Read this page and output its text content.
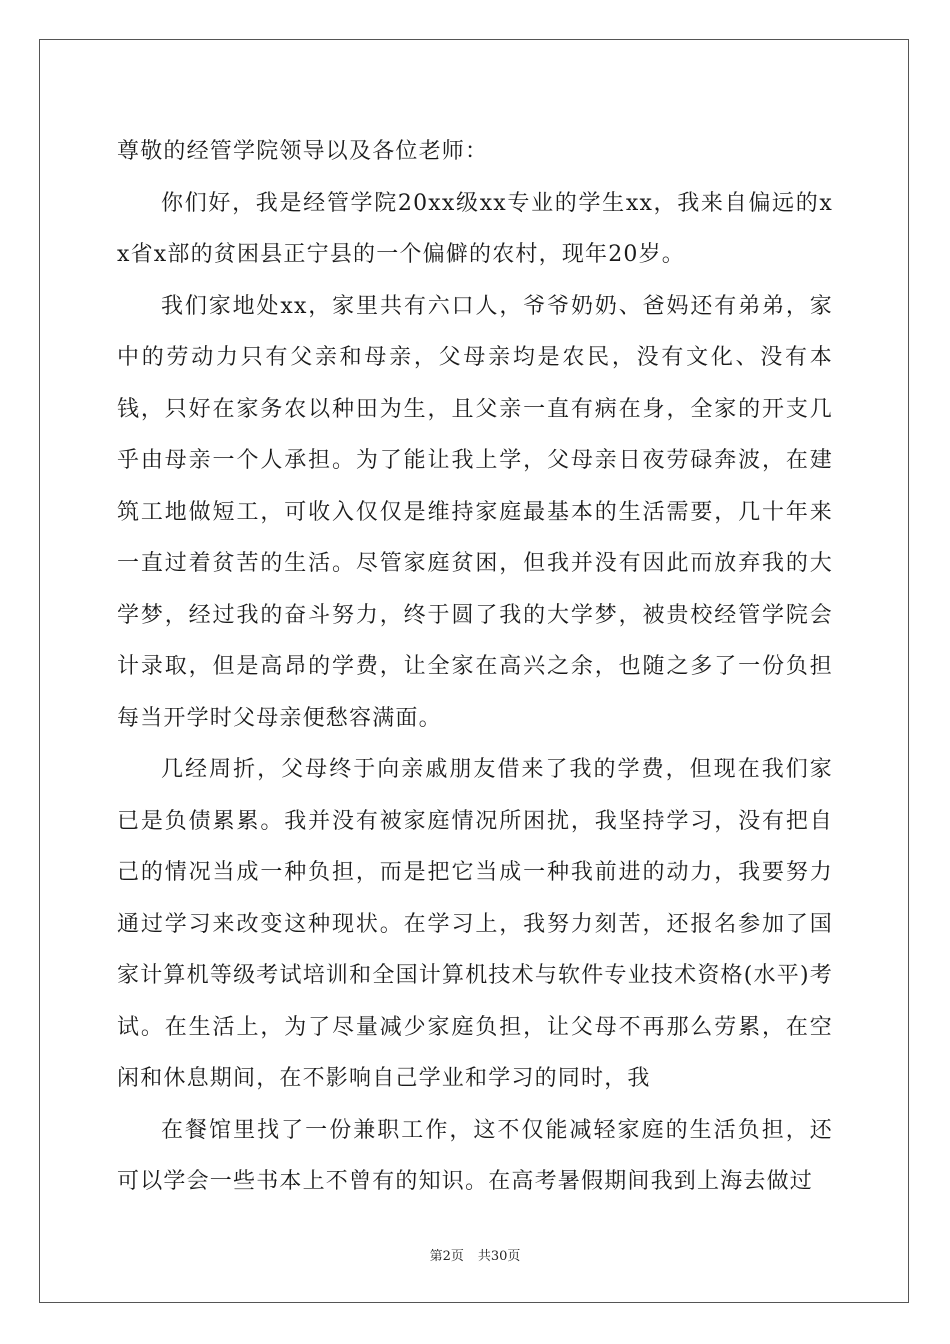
尊敬的经管学院领导以及各位老师：

你们好，我是经管学院20xx级xx专业的学生xx，我来自偏远的xx省x部的贫困县正宁县的一个偏僻的农村，现年20岁。

我们家地处xx，家里共有六口人，爷爷奶奶、爸妈还有弟弟，家中的劳动力只有父亲和母亲，父母亲均是农民，没有文化、没有本钱，只好在家务农以种田为生，且父亲一直有病在身，全家的开支几乎由母亲一个人承担。为了能让我上学，父母亲日夜劳碌奔波，在建筑工地做短工，可收入仅仅是维持家庭最基本的生活需要，几十年来一直过着贫苦的生活。尽管家庭贫困，但我并没有因此而放弃我的大学梦，经过我的奋斗努力，终于圆了我的大学梦，被贵校经管学院会计录取，但是高昂的学费，让全家在高兴之余，也随之多了一份负担每当开学时父母亲便愁容满面。

几经周折，父母终于向亲戚朋友借来了我的学费，但现在我们家已是负债累累。我并没有被家庭情况所困扰，我坚持学习，没有把自己的情况当成一种负担，而是把它当成一种我前进的动力，我要努力通过学习来改变这种现状。在学习上，我努力刻苦，还报名参加了国家计算机等级考试培训和全国计算机技术与软件专业技术资格(水平)考试。在生活上，为了尽量减少家庭负担，让父母不再那么劳累，在空闲和休息期间，在不影响自己学业和学习的同时，我

在餐馆里找了一份兼职工作，这不仅能减轻家庭的生活负担，还可以学会一些书本上不曾有的知识。在高考暑假期间我到上海去做过

第2页 共30页
